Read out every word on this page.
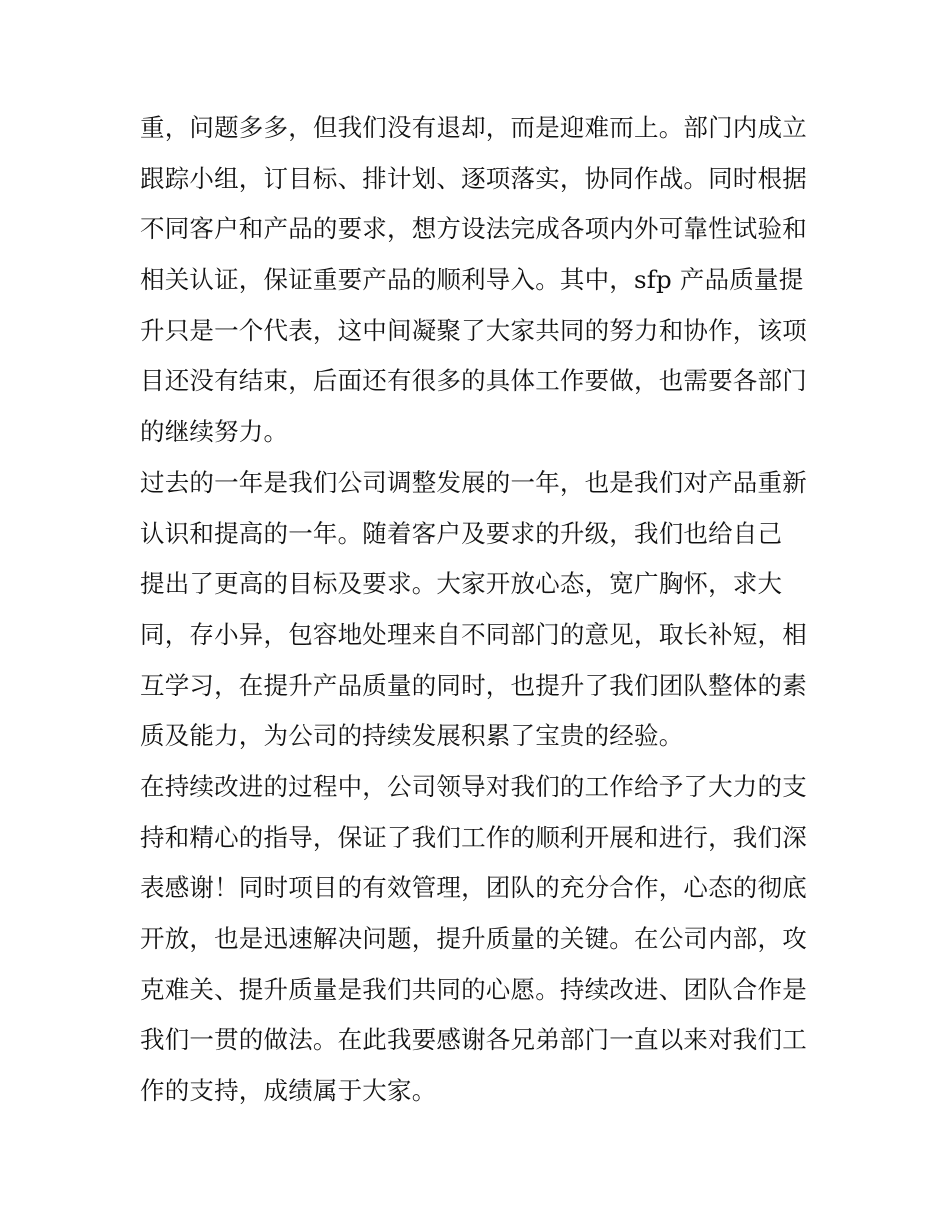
重，问题多多，但我们没有退却，而是迎难而上。部门内成立
跟踪小组，订目标、排计划、逐项落实，协同作战。同时根据
不同客户和产品的要求，想方设法完成各项内外可靠性试验和
相关认证，保证重要产品的顺利导入。其中，sfp 产品质量提
升只是一个代表，这中间凝聚了大家共同的努力和协作，该项
目还没有结束，后面还有很多的具体工作要做，也需要各部门
的继续努力。
过去的一年是我们公司调整发展的一年，也是我们对产品重新
认识和提高的一年。随着客户及要求的升级，我们也给自己
提出了更高的目标及要求。大家开放心态，宽广胸怀，求大
同，存小异，包容地处理来自不同部门的意见，取长补短，相
互学习，在提升产品质量的同时，也提升了我们团队整体的素
质及能力，为公司的持续发展积累了宝贵的经验。
在持续改进的过程中，公司领导对我们的工作给予了大力的支
持和精心的指导，保证了我们工作的顺利开展和进行，我们深
表感谢！同时项目的有效管理，团队的充分合作，心态的彻底
开放，也是迅速解决问题，提升质量的关键。在公司内部，攻
克难关、提升质量是我们共同的心愿。持续改进、团队合作是
我们一贯的做法。在此我要感谢各兄弟部门一直以来对我们工
作的支持，成绩属于大家。
